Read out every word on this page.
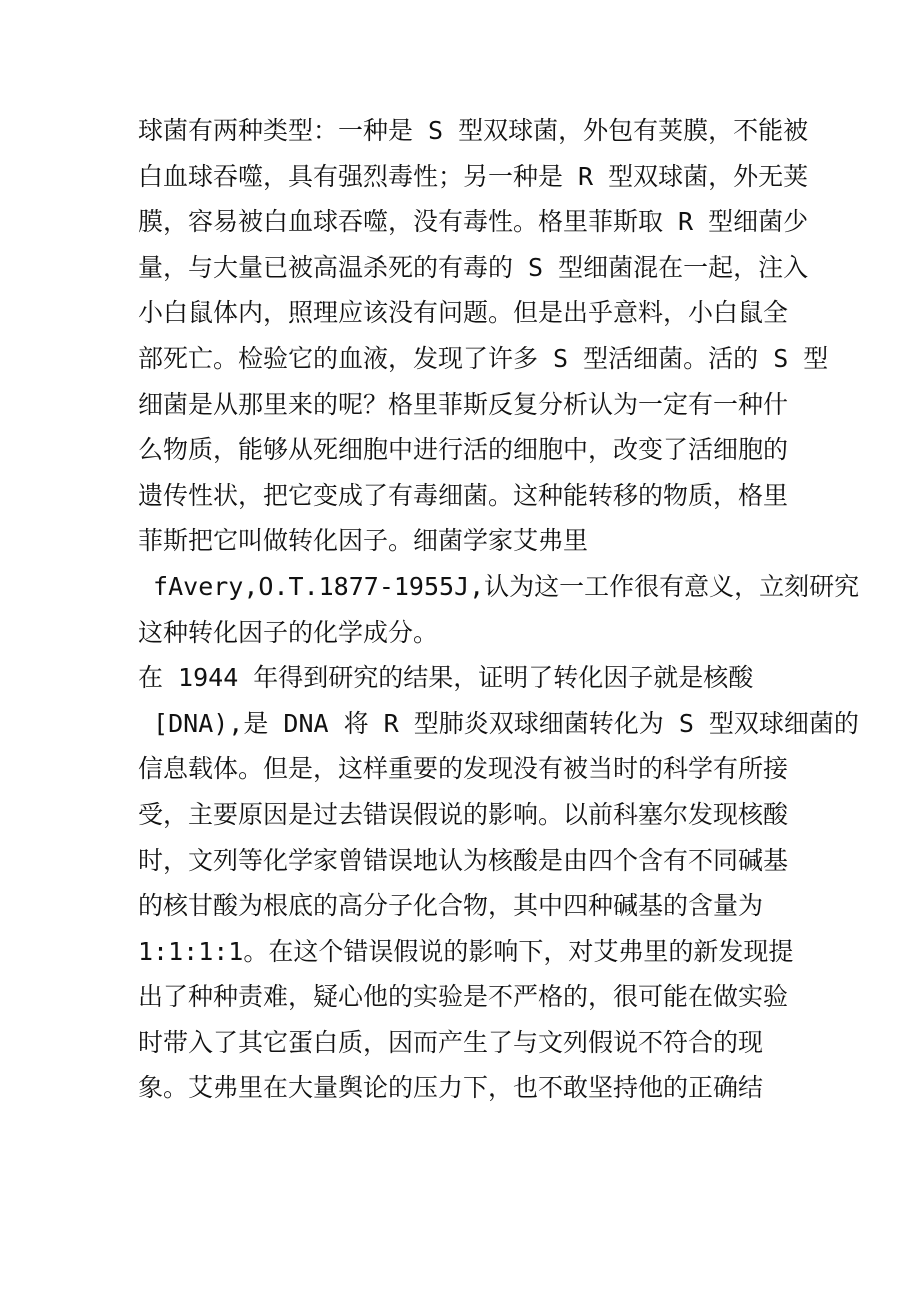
球菌有两种类型：一种是 S 型双球菌，外包有荚膜，不能被
白血球吞噬，具有强烈毒性；另一种是 R 型双球菌，外无荚
膜，容易被白血球吞噬，没有毒性。格里菲斯取 R 型细菌少
量，与大量已被高温杀死的有毒的 S 型细菌混在一起，注入
小白鼠体内，照理应该没有问题。但是出乎意料，小白鼠全
部死亡。检验它的血液，发现了许多 S 型活细菌。活的 S 型
细菌是从那里来的呢？格里菲斯反复分析认为一定有一种什
么物质，能够从死细胞中进行活的细胞中，改变了活细胞的
遗传性状，把它变成了有毒细菌。这种能转移的物质，格里
菲斯把它叫做转化因子。细菌学家艾弗里
fAvery,O.T.1877-1955J,认为这一工作很有意义，立刻研究
这种转化因子的化学成分。
在 1944 年得到研究的结果，证明了转化因子就是核酸
[DNA),是 DNA 将 R 型肺炎双球细菌转化为 S 型双球细菌的
信息载体。但是，这样重要的发现没有被当时的科学有所接
受，主要原因是过去错误假说的影响。以前科塞尔发现核酸
时，文列等化学家曾错误地认为核酸是由四个含有不同碱基
的核甘酸为根底的高分子化合物，其中四种碱基的含量为
1:1:1:1。在这个错误假说的影响下，对艾弗里的新发现提
出了种种责难，疑心他的实验是不严格的，很可能在做实验
时带入了其它蛋白质，因而产生了与文列假说不符合的现
象。艾弗里在大量舆论的压力下，也不敢坚持他的正确结
